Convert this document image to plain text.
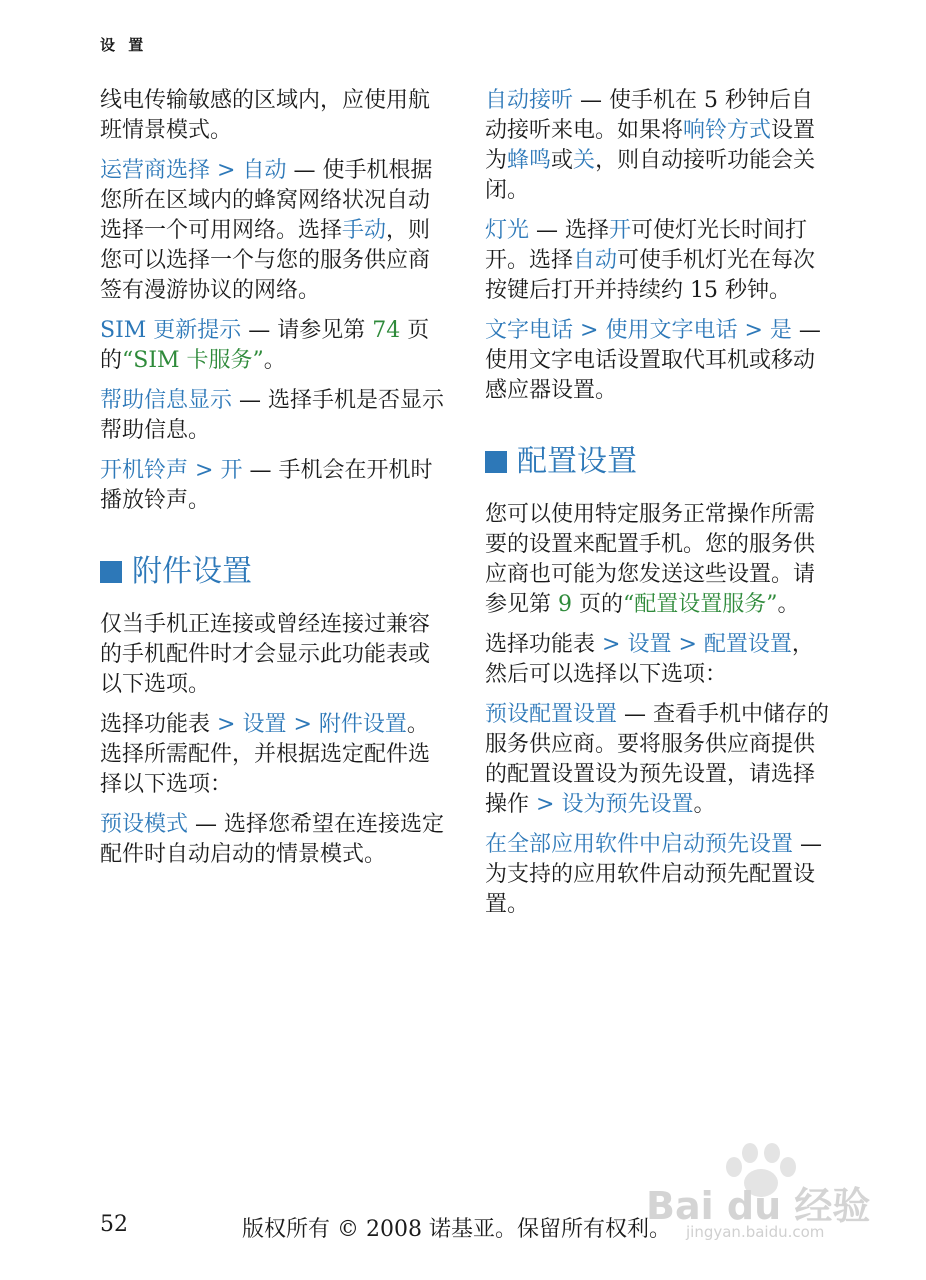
设 置

线电传输敏感的区域内，应使用航班情景模式。

运营商选择 > 自动 — 使手机根据您所在区域内的蜂窝网络状况自动选择一个可用网络。选择手动，则您可以选择一个与您的服务供应商签有漫游协议的网络。

SIM 更新提示 — 请参见第 74 页的“SIM 卡服务”。

帮助信息显示 — 选择手机是否显示帮助信息。

开机铃声 > 开 — 手机会在开机时播放铃声。

附件设置

仅当手机正连接或曾经连接过兼容的手机配件时才会显示此功能表或以下选项。

选择功能表 > 设置 > 附件设置。选择所需配件，并根据选定配件选择以下选项：

预设模式 — 选择您希望在连接选定配件时自动启动的情景模式。

自动接听 — 使手机在 5 秒钟后自动接听来电。如果将响铃方式设置为蜂鸣或关，则自动接听功能会关闭。

灯光 — 选择开可使灯光长时间打开。选择自动可使手机灯光在每次按键后打开并持续约 15 秒钟。

文字电话 > 使用文字电话 > 是 — 使用文字电话设置取代耳机或移动感应器设置。

配置设置

您可以使用特定服务正常操作所需要的设置来配置手机。您的服务供应商也可能为您发送这些设置。请参见第 9 页的“配置设置服务”。

选择功能表 > 设置 > 配置设置，然后可以选择以下选项：

预设配置设置 — 查看手机中储存的服务供应商。要将服务供应商提供的配置设置设为预先设置，请选择操作 > 设为预先设置。

在全部应用软件中启动预先设置 — 为支持的应用软件启动预先配置设置。

Bai du 经验
jingyan.baidu.com
52	版权所有 © 2008 诺基亚。保留所有权利。
